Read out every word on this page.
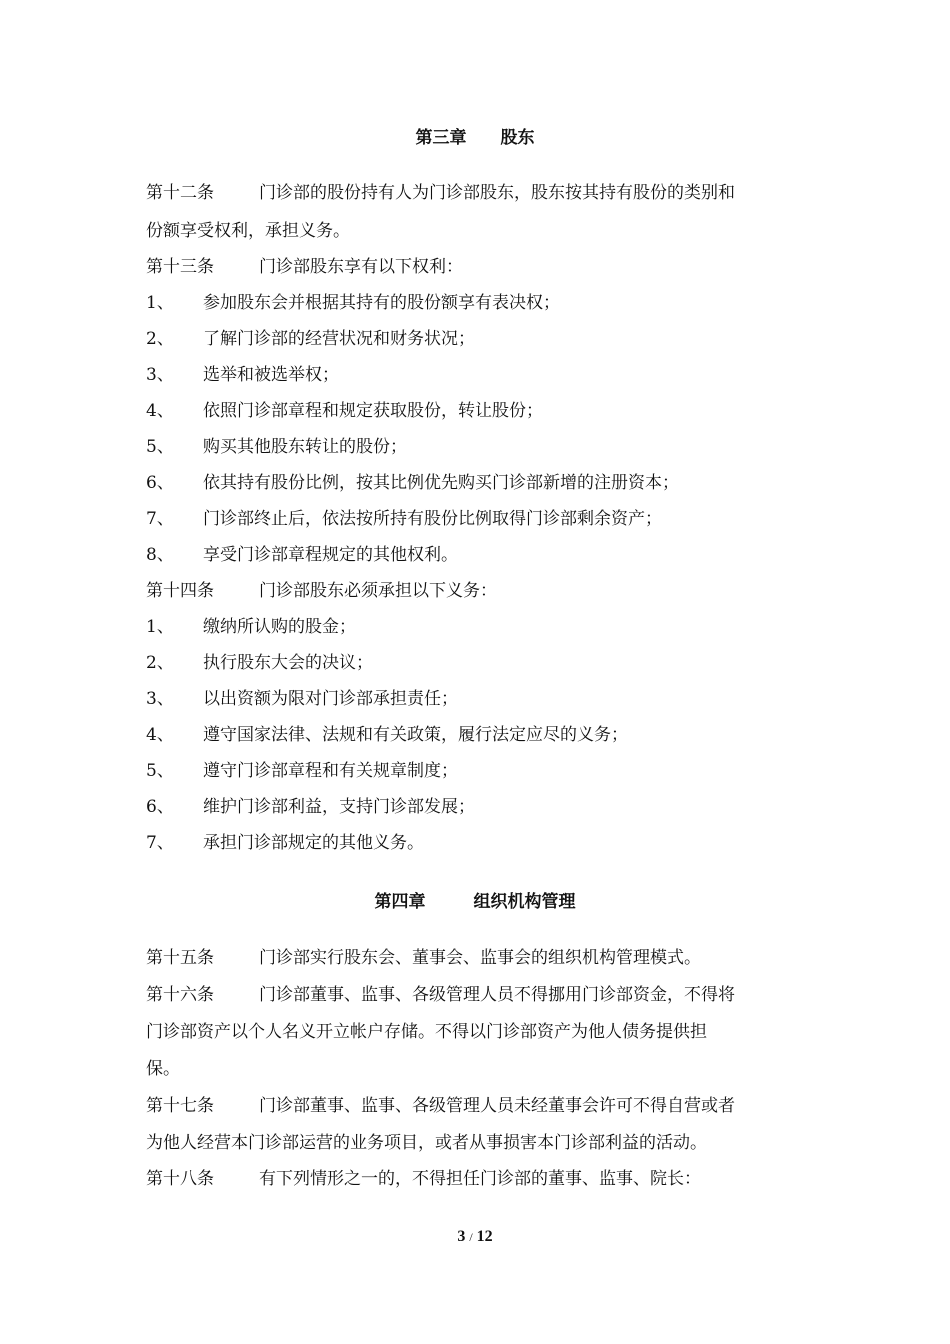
第三章 股东
第十二条	门诊部的股份持有人为门诊部股东，股东按其持有股份的类别和
份额享受权利，承担义务。
第十三条	门诊部股东享有以下权利：
1、 参加股东会并根据其持有的股份额享有表决权；
2、 了解门诊部的经营状况和财务状况；
3、 选举和被选举权；
4、 依照门诊部章程和规定获取股份，转让股份；
5、 购买其他股东转让的股份；
6、 依其持有股份比例，按其比例优先购买门诊部新增的注册资本；
7、 门诊部终止后，依法按所持有股份比例取得门诊部剩余资产；
8、 享受门诊部章程规定的其他权利。
第十四条	门诊部股东必须承担以下义务：
1、 缴纳所认购的股金；
2、 执行股东大会的决议；
3、 以出资额为限对门诊部承担责任；
4、 遵守国家法律、法规和有关政策，履行法定应尽的义务；
5、 遵守门诊部章程和有关规章制度；
6、 维护门诊部利益，支持门诊部发展；
7、 承担门诊部规定的其他义务。
第四章	组织机构管理
第十五条	门诊部实行股东会、董事会、监事会的组织机构管理模式。
第十六条	门诊部董事、监事、各级管理人员不得挪用门诊部资金，不得将
门诊部资产以个人名义开立帐户存储。不得以门诊部资产为他人债务提供担
保。
第十七条	门诊部董事、监事、各级管理人员未经董事会许可不得自营或者
为他人经营本门诊部运营的业务项目，或者从事损害本门诊部利益的活动。
第十八条	有下列情形之一的，不得担任门诊部的董事、监事、院长：
3 / 12
